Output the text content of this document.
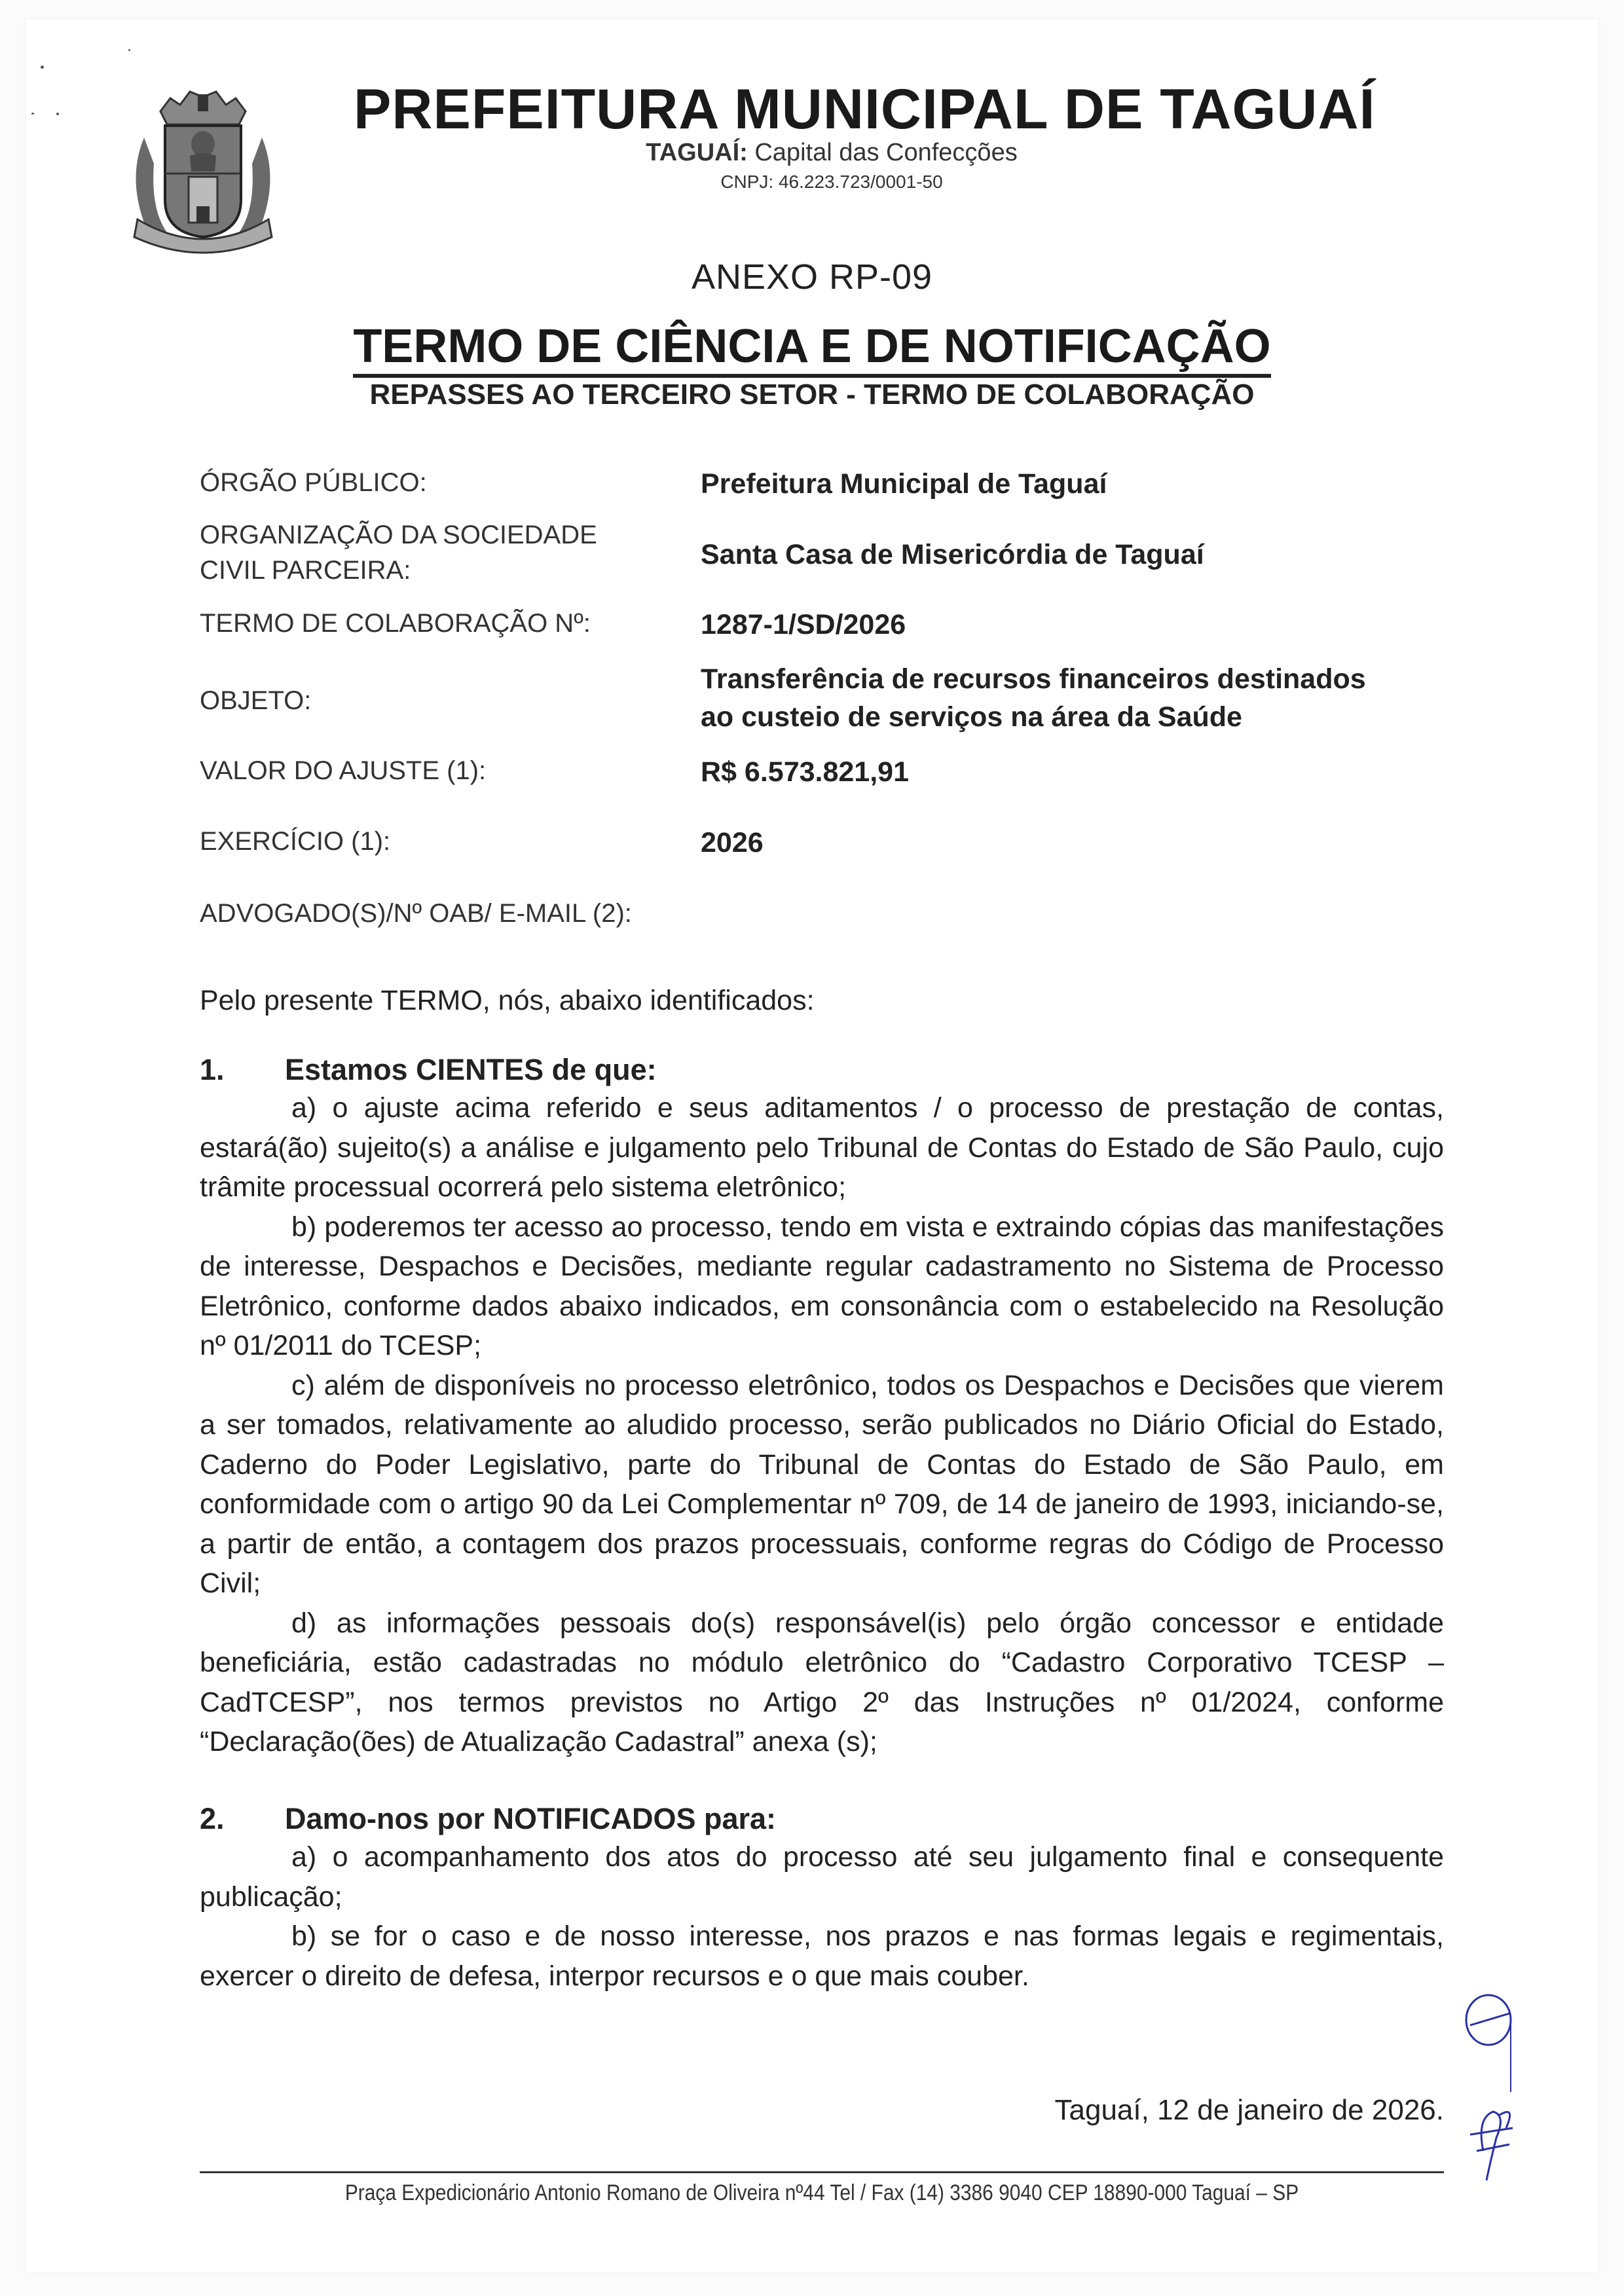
PREFEITURA MUNICIPAL DE TAGUAÍ
TAGUAÍ: Capital das Confecções
CNPJ: 46.223.723/0001-50
ANEXO RP-09
TERMO DE CIÊNCIA E DE NOTIFICAÇÃO
REPASSES AO TERCEIRO SETOR - TERMO DE COLABORAÇÃO
ÓRGÃO PÚBLICO:	Prefeitura Municipal de Taguaí
ORGANIZAÇÃO DA SOCIEDADE
CIVIL PARCEIRA:	Santa Casa de Misericórdia de Taguaí
TERMO DE COLABORAÇÃO Nº:	1287-1/SD/2026
OBJETO:
Transferência de recursos financeiros destinados
ao custeio de serviços na área da Saúde
VALOR DO AJUSTE (1):	R$ 6.573.821,91
EXERCÍCIO (1):	2026
ADVOGADO(S)/Nº OAB/ E-MAIL (2):
Pelo presente TERMO, nós, abaixo identificados:
1. Estamos CIENTES de que:

a) o ajuste acima referido e seus aditamentos / o processo de prestação de contas, estará(ão) sujeito(s) a análise e julgamento pelo Tribunal de Contas do Estado de São Paulo, cujo trâmite processual ocorrerá pelo sistema eletrônico;

b) poderemos ter acesso ao processo, tendo em vista e extraindo cópias das manifestações de interesse, Despachos e Decisões, mediante regular cadastramento no Sistema de Processo Eletrônico, conforme dados abaixo indicados, em consonância com o estabelecido na Resolução nº 01/2011 do TCESP;

c) além de disponíveis no processo eletrônico, todos os Despachos e Decisões que vierem a ser tomados, relativamente ao aludido processo, serão publicados no Diário Oficial do Estado, Caderno do Poder Legislativo, parte do Tribunal de Contas do Estado de São Paulo, em conformidade com o artigo 90 da Lei Complementar nº 709, de 14 de janeiro de 1993, iniciando-se, a partir de então, a contagem dos prazos processuais, conforme regras do Código de Processo Civil;

d) as informações pessoais do(s) responsável(is) pelo órgão concessor e entidade beneficiária, estão cadastradas no módulo eletrônico do “Cadastro Corporativo TCESP – CadTCESP”, nos termos previstos no Artigo 2º das Instruções nº 01/2024, conforme “Declaração(ões) de Atualização Cadastral” anexa (s);

2. Damo-nos por NOTIFICADOS para:

a) o acompanhamento dos atos do processo até seu julgamento final e consequente publicação;

b) se for o caso e de nosso interesse, nos prazos e nas formas legais e regimentais, exercer o direito de defesa, interpor recursos e o que mais couber.

Taguaí, 12 de janeiro de 2026.
Praça Expedicionário Antonio Romano de Oliveira nº44 Tel / Fax (14) 3386 9040 CEP 18890-000 Taguaí – SP
